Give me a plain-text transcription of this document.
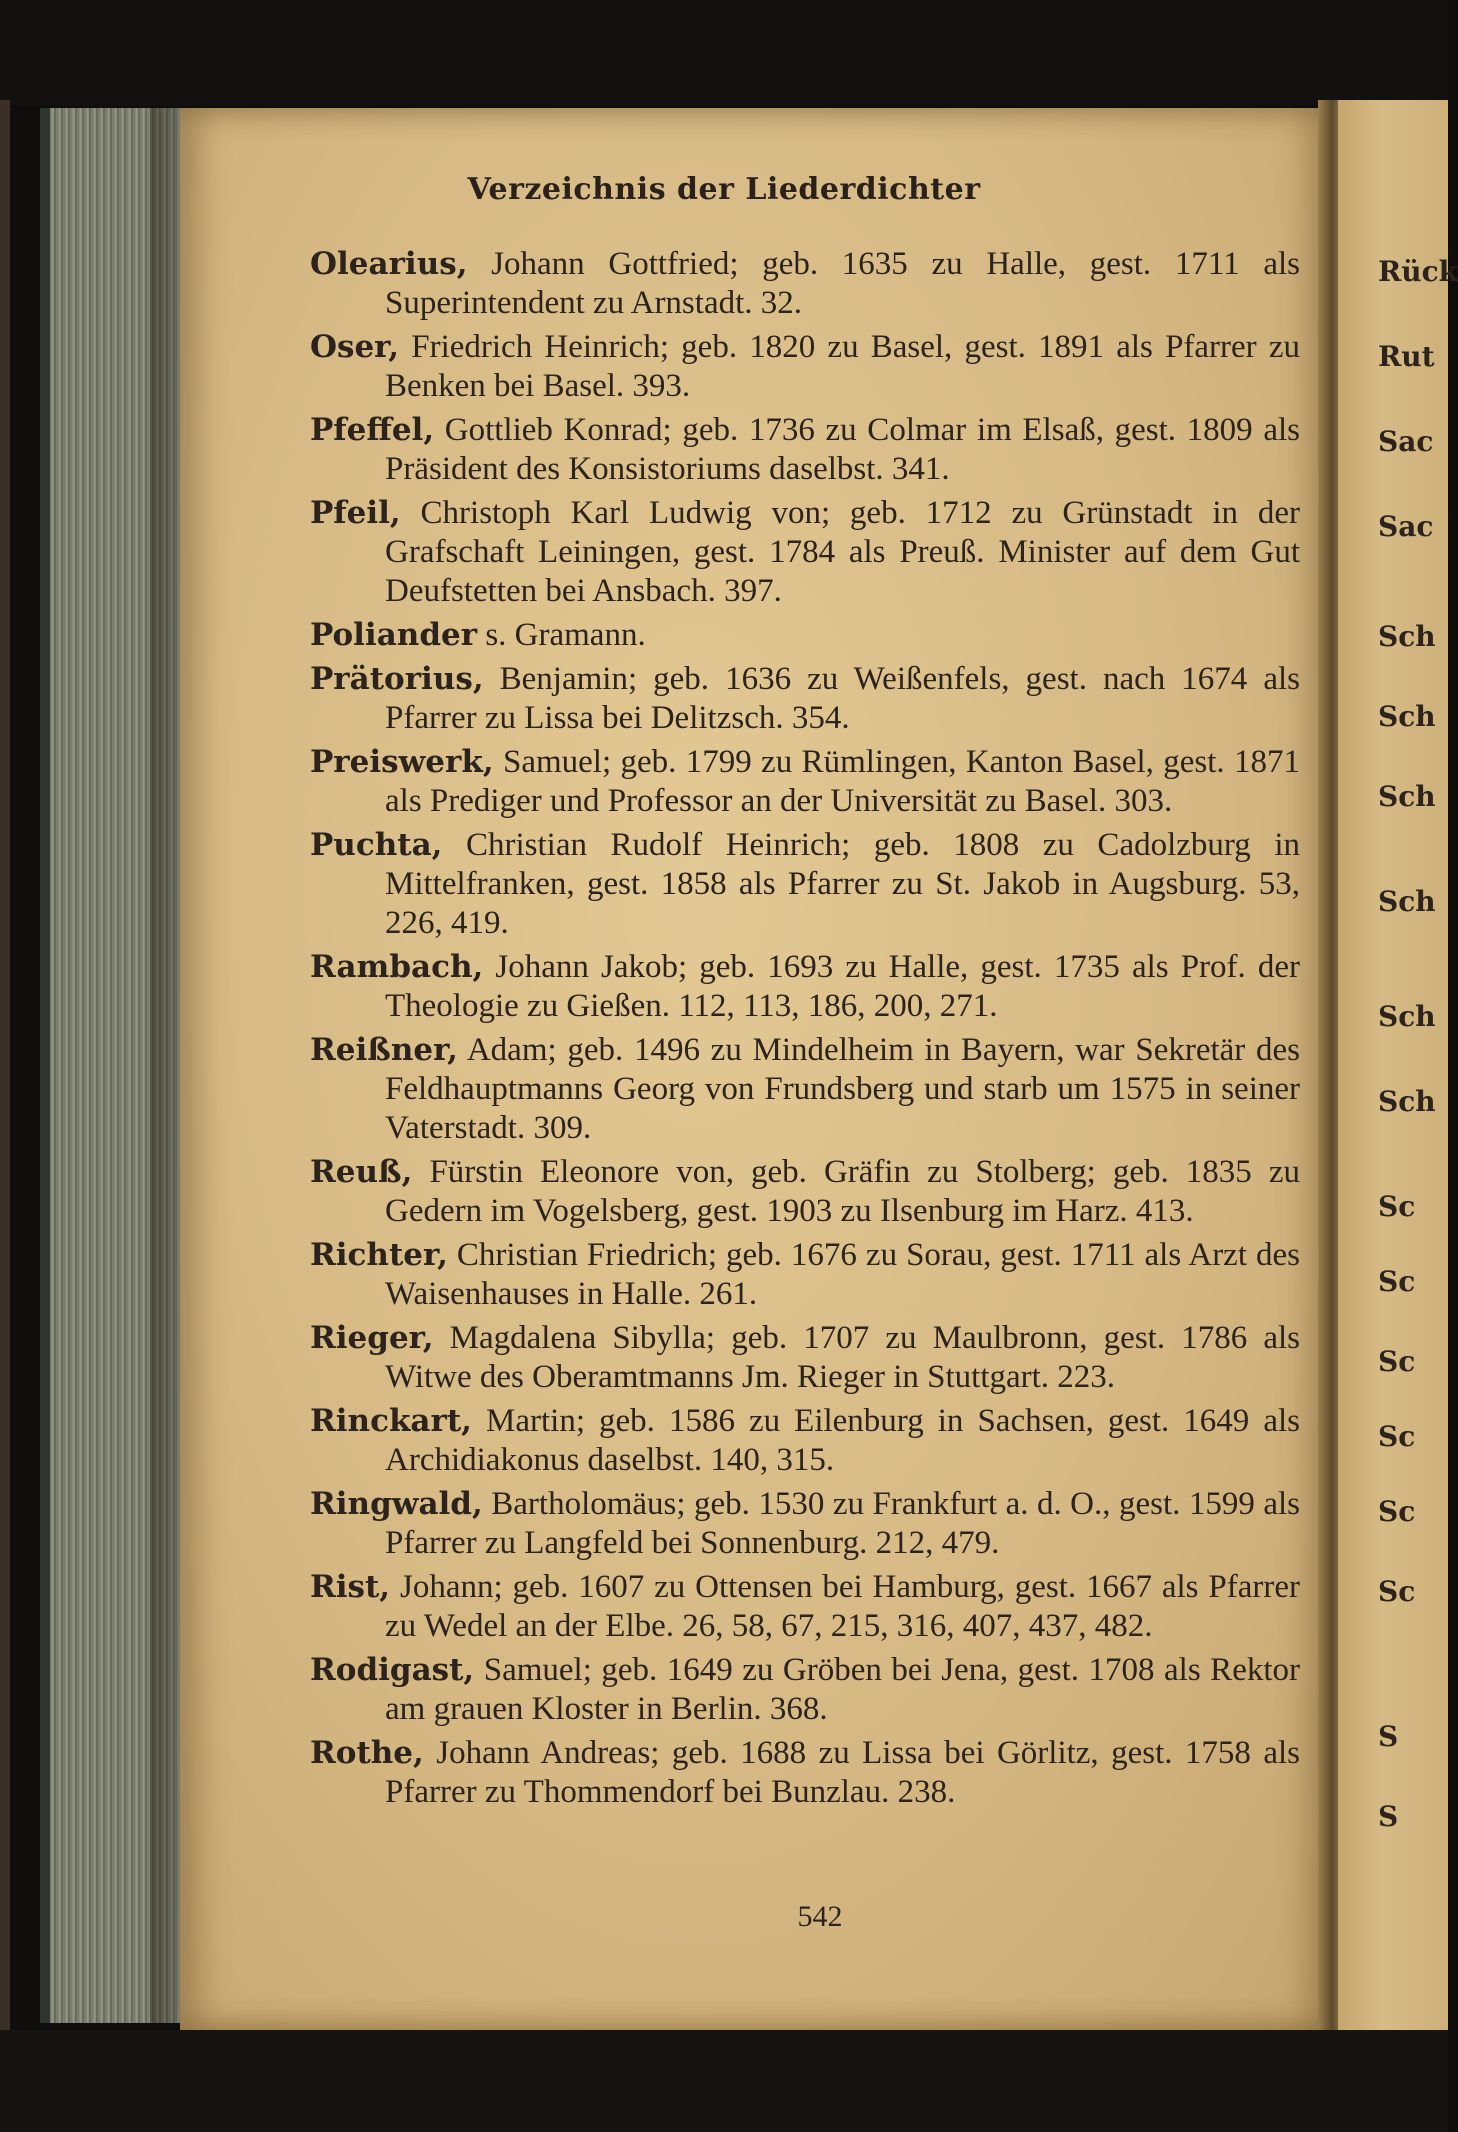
Verzeichnis der Liederdichter
Olearius, Johann Gottfried; geb. 1635 zu Halle, gest. 1711 als Superintendent zu Arnstadt. 32.
Oser, Friedrich Heinrich; geb. 1820 zu Basel, gest. 1891 als Pfarrer zu Benken bei Basel. 393.
Pfeffel, Gottlieb Konrad; geb. 1736 zu Colmar im Elsaß, gest. 1809 als Präsident des Konsistoriums daselbst. 341.
Pfeil, Christoph Karl Ludwig von; geb. 1712 zu Grünstadt in der Grafschaft Leiningen, gest. 1784 als Preuß. Minister auf dem Gut Deufstetten bei Ansbach. 397.
Poliander s. Gramann.
Prätorius, Benjamin; geb. 1636 zu Weißenfels, gest. nach 1674 als Pfarrer zu Lissa bei Delitzsch. 354.
Preiswerk, Samuel; geb. 1799 zu Rümlingen, Kanton Basel, gest. 1871 als Prediger und Professor an der Universität zu Basel. 303.
Puchta, Christian Rudolf Heinrich; geb. 1808 zu Cadolzburg in Mittelfranken, gest. 1858 als Pfarrer zu St. Jakob in Augsburg. 53, 226, 419.
Rambach, Johann Jakob; geb. 1693 zu Halle, gest. 1735 als Prof. der Theologie zu Gießen. 112, 113, 186, 200, 271.
Reißner, Adam; geb. 1496 zu Mindelheim in Bayern, war Sekretär des Feldhauptmanns Georg von Frundsberg und starb um 1575 in seiner Vaterstadt. 309.
Reuß, Fürstin Eleonore von, geb. Gräfin zu Stolberg; geb. 1835 zu Gedern im Vogelsberg, gest. 1903 zu Ilsenburg im Harz. 413.
Richter, Christian Friedrich; geb. 1676 zu Sorau, gest. 1711 als Arzt des Waisenhauses in Halle. 261.
Rieger, Magdalena Sibylla; geb. 1707 zu Maulbronn, gest. 1786 als Witwe des Oberamtmanns Jm. Rieger in Stuttgart. 223.
Rinckart, Martin; geb. 1586 zu Eilenburg in Sachsen, gest. 1649 als Archidiakonus daselbst. 140, 315.
Ringwald, Bartholomäus; geb. 1530 zu Frankfurt a. d. O., gest. 1599 als Pfarrer zu Langfeld bei Sonnenburg. 212, 479.
Rist, Johann; geb. 1607 zu Ottensen bei Hamburg, gest. 1667 als Pfarrer zu Wedel an der Elbe. 26, 58, 67, 215, 316, 407, 437, 482.
Rodigast, Samuel; geb. 1649 zu Gröben bei Jena, gest. 1708 als Rektor am grauen Kloster in Berlin. 368.
Rothe, Johann Andreas; geb. 1688 zu Lissa bei Görlitz, gest. 1758 als Pfarrer zu Thommendorf bei Bunzlau. 238.
542
Rück
Rut
Sac
Sac
Sch
Sch
Sch
Sch
Sch
Sch
Sc
Sc
Sc
Sc
Sc
Sc
S
S
